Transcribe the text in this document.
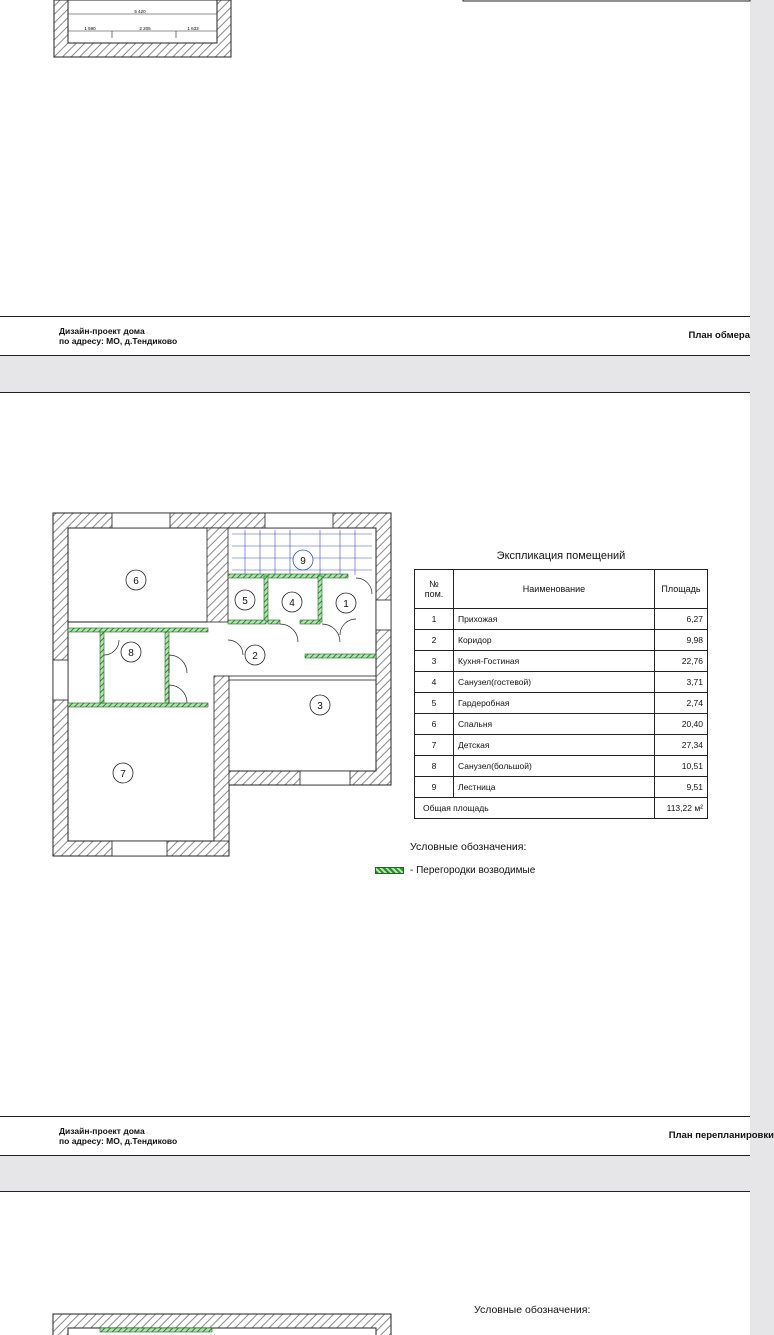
5 420
1 590	2 205	1 633
Дизайн-проект дома
по адресу: МО, д.Тендиково	План обмера
1
2
3
4
5
6
7
8
9	Экспликация помещений
№ пом.	Наименование	Площадь
1	Прихожая	6,27
2	Коридор	9,98
3	Кухня-Гостиная	22,76
4	Санузел(гостевой)	3,71
5	Гардеробная	2,74
6	Спальня	20,40
7	Детская	27,34
8	Санузел(большой)	10,51
9	Лестница	9,51
Общая площадь		113,22 м²
Условные обозначения:
- Перегородки возводимые
Дизайн-проект дома
по адресу: МО, д.Тендиково	План перепланировки
Условные обозначения:
